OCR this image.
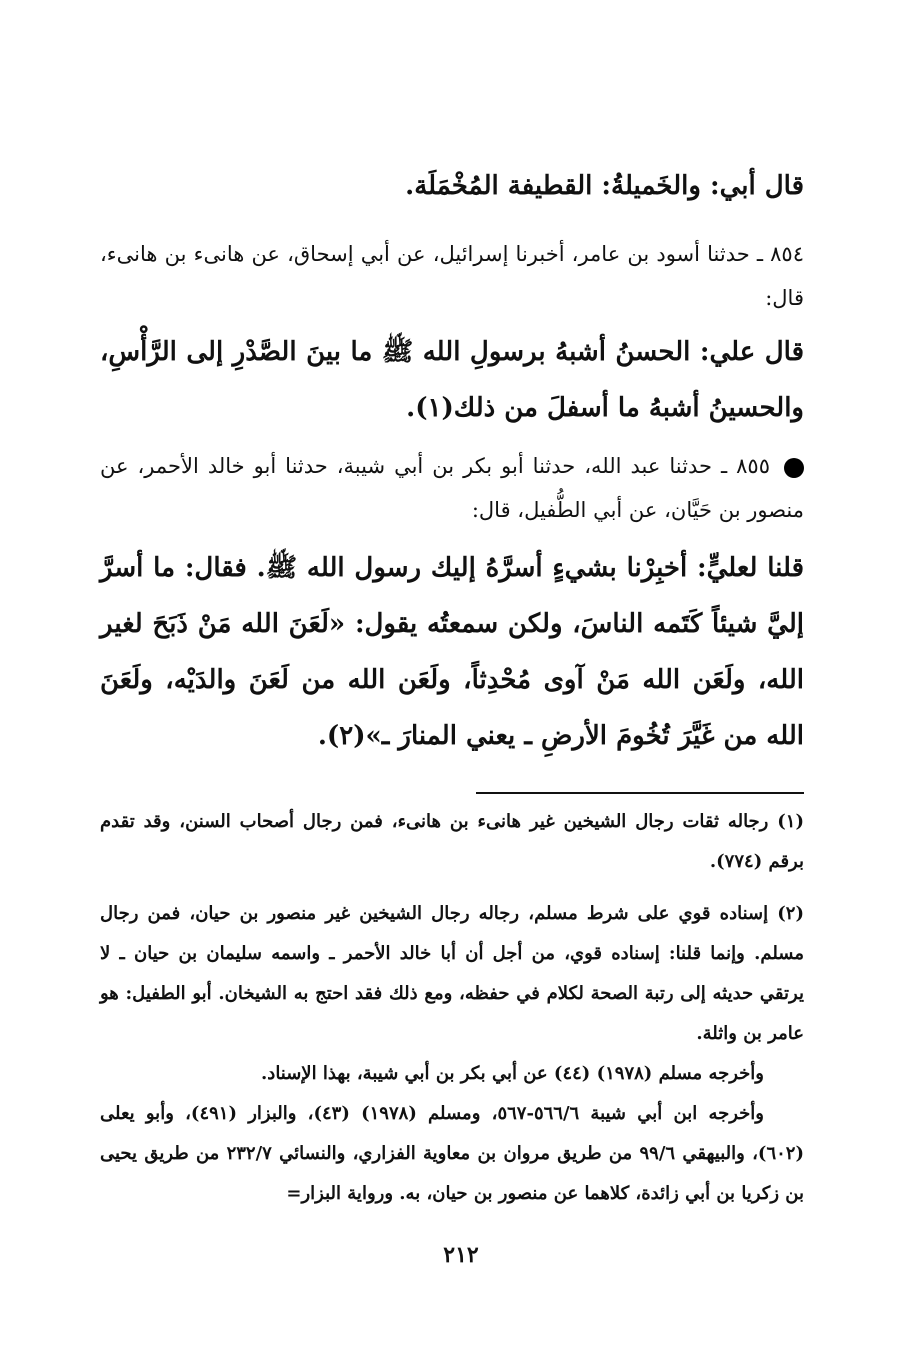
قال أبي: والخَميلةُ: القطيفة المُخْمَلَة.

٨٥٤ ـ حدثنا أسود بن عامر، أخبرنا إسرائيل، عن أبي إسحاق، عن هانىء بن هانىء، قال:

قال علي: الحسنُ أشبهُ برسولِ الله ﷺ ما بينَ الصَّدْرِ إلى الرَّأْسِ، والحسينُ أشبهُ ما أسفلَ من ذلك(١).

٨٥٥ ـ حدثنا عبد الله، حدثنا أبو بكر بن أبي شيبة، حدثنا أبو خالد الأحمر، عن منصور بن حَيَّان، عن أبي الطُّفيل، قال:

قلنا لعليٍّ: أخبِرْنا بشيءٍ أسرَّهُ إليك رسول الله ﷺ. فقال: ما أسرَّ إليَّ شيئاً كَتَمه الناسَ، ولكن سمعتُه يقول: «لَعَنَ الله مَنْ ذَبَحَ لغير الله، ولَعَن الله مَنْ آوى مُحْدِثاً، ولَعَن الله من لَعَنَ والدَيْه، ولَعَنَ الله من غَيَّرَ تُخُومَ الأرضِ ـ يعني المنارَ ـ»(٢).

(١) رجاله ثقات رجال الشيخين غير هانىء بن هانىء، فمن رجال أصحاب السنن، وقد تقدم برقم (٧٧٤).

(٢) إسناده قوي على شرط مسلم، رجاله رجال الشيخين غير منصور بن حيان، فمن رجال مسلم. وإنما قلنا: إسناده قوي، من أجل أن أبا خالد الأحمر ـ واسمه سليمان بن حيان ـ لا يرتقي حديثه إلى رتبة الصحة لكلام في حفظه، ومع ذلك فقد احتج به الشيخان. أبو الطفيل: هو عامر بن واثلة.

وأخرجه مسلم (١٩٧٨) (٤٤) عن أبي بكر بن أبي شيبة، بهذا الإسناد.

وأخرجه ابن أبي شيبة ٥٦٦/٦-٥٦٧، ومسلم (١٩٧٨) (٤٣)، والبزار (٤٩١)، وأبو يعلى (٦٠٢)، والبيهقي ٩٩/٦ من طريق مروان بن معاوية الفزاري، والنسائي ٢٣٢/٧ من طريق يحيى بن زكريا بن أبي زائدة، كلاهما عن منصور بن حيان، به. ورواية البزار=

٢١٢
